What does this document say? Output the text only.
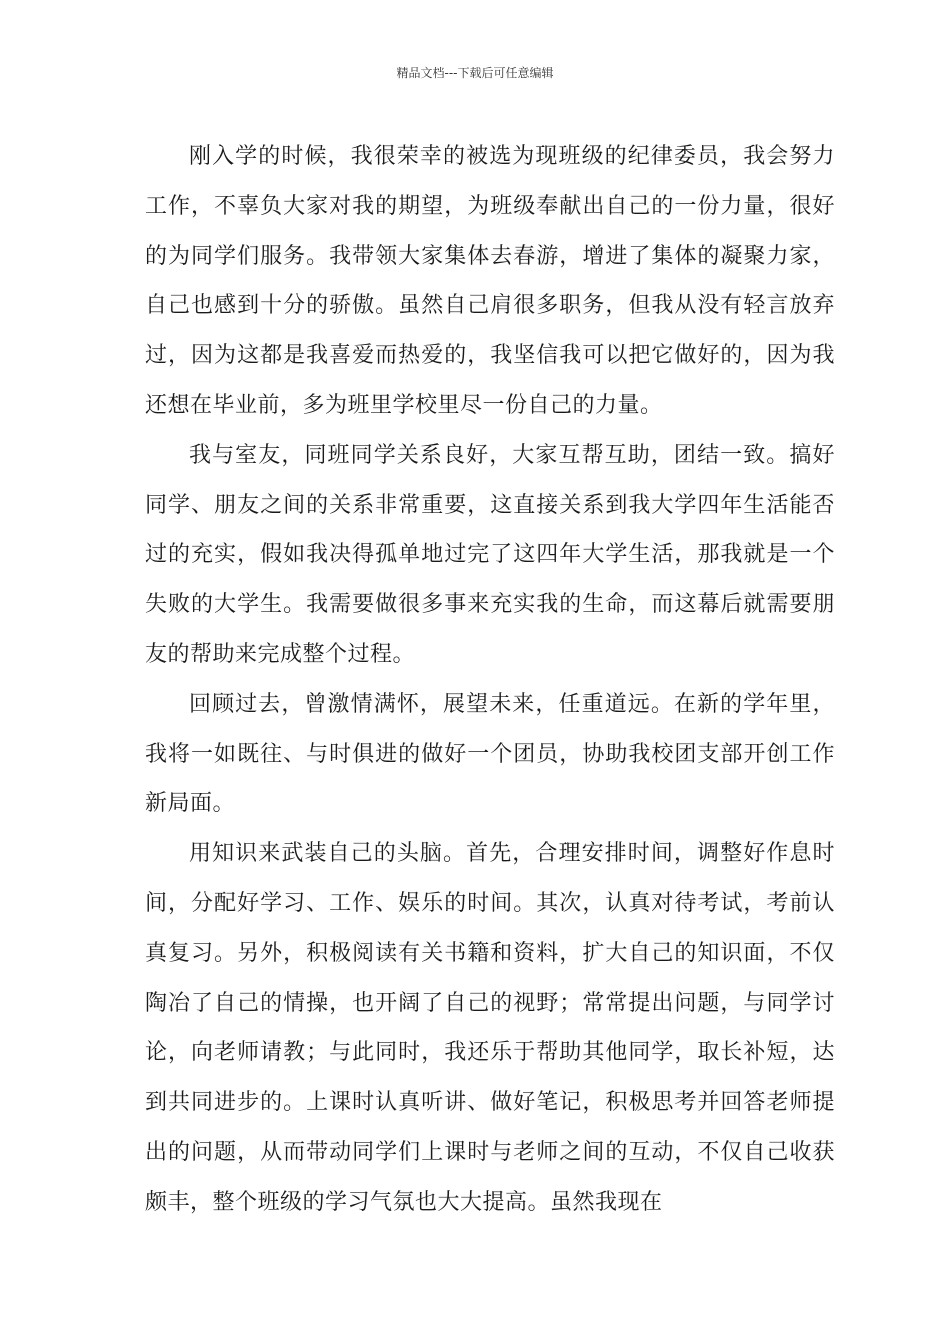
精品文档---下载后可任意编辑

刚入学的时候，我很荣幸的被选为现班级的纪律委员，我会努力工作，不辜负大家对我的期望，为班级奉献出自己的一份力量，很好的为同学们服务。我带领大家集体去春游，增进了集体的凝聚力家，自己也感到十分的骄傲。虽然自己肩很多职务，但我从没有轻言放弃过，因为这都是我喜爱而热爱的，我坚信我可以把它做好的，因为我还想在毕业前，多为班里学校里尽一份自己的力量。

我与室友，同班同学关系良好，大家互帮互助，团结一致。搞好同学、朋友之间的关系非常重要，这直接关系到我大学四年生活能否过的充实，假如我决得孤单地过完了这四年大学生活，那我就是一个失败的大学生。我需要做很多事来充实我的生命，而这幕后就需要朋友的帮助来完成整个过程。

回顾过去，曾激情满怀，展望未来，任重道远。在新的学年里，我将一如既往、与时俱进的做好一个团员，协助我校团支部开创工作新局面。

用知识来武装自己的头脑。首先，合理安排时间，调整好作息时间，分配好学习、工作、娱乐的时间。其次，认真对待考试，考前认真复习。另外，积极阅读有关书籍和资料，扩大自己的知识面，不仅陶冶了自己的情操，也开阔了自己的视野；常常提出问题，与同学讨论，向老师请教；与此同时，我还乐于帮助其他同学，取长补短，达到共同进步的。上课时认真听讲、做好笔记，积极思考并回答老师提出的问题，从而带动同学们上课时与老师之间的互动，不仅自己收获颇丰，整个班级的学习气氛也大大提高。虽然我现在
